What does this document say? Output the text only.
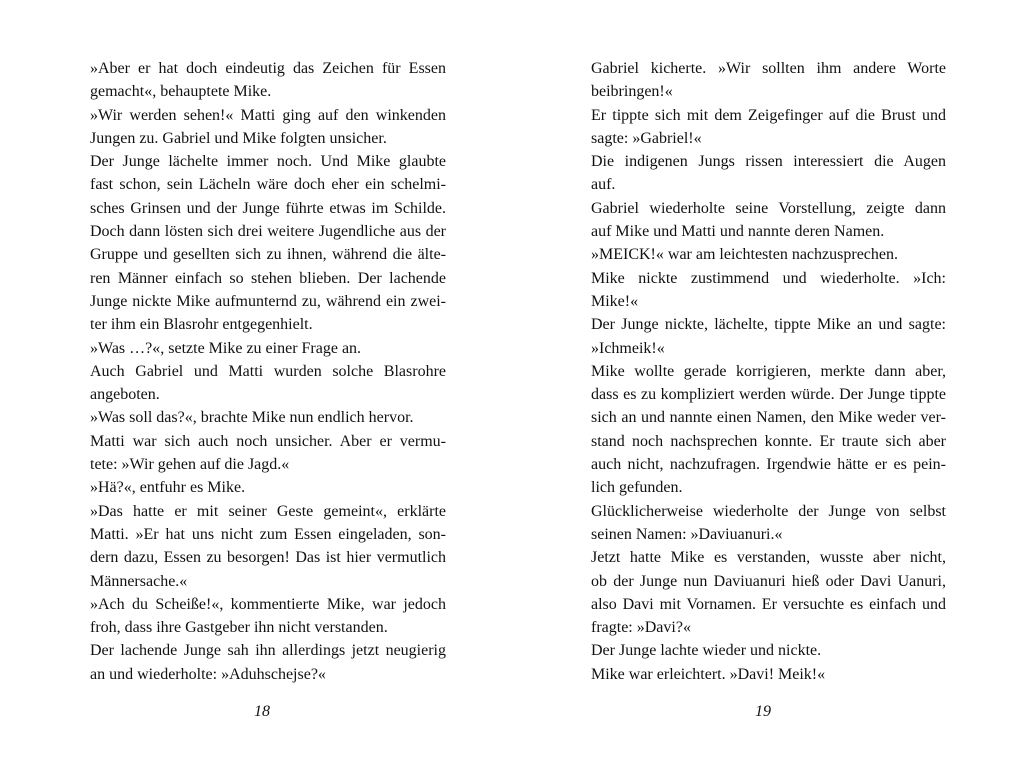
»Aber er hat doch eindeutig das Zeichen für Essen
gemacht«, behauptete Mike.
»Wir werden sehen!« Matti ging auf den winkenden
Jungen zu. Gabriel und Mike folgten unsicher.
Der Junge lächelte immer noch. Und Mike glaubte
fast schon, sein Lächeln wäre doch eher ein schelmi-
sches Grinsen und der Junge führte etwas im Schilde.
Doch dann lösten sich drei weitere Jugendliche aus der
Gruppe und gesellten sich zu ihnen, während die älte-
ren Männer einfach so stehen blieben. Der lachende
Junge nickte Mike aufmunternd zu, während ein zwei-
ter ihm ein Blasrohr entgegenhielt.
»Was …?«, setzte Mike zu einer Frage an.
Auch Gabriel und Matti wurden solche Blasrohre
angeboten.
»Was soll das?«, brachte Mike nun endlich hervor.
Matti war sich auch noch unsicher. Aber er vermu-
tete: »Wir gehen auf die Jagd.«
»Hä?«, entfuhr es Mike.
»Das hatte er mit seiner Geste gemeint«, erklärte
Matti. »Er hat uns nicht zum Essen eingeladen, son-
dern dazu, Essen zu besorgen! Das ist hier vermutlich
Männersache.«
»Ach du Scheiße!«, kommentierte Mike, war jedoch
froh, dass ihre Gastgeber ihn nicht verstanden.
Der lachende Junge sah ihn allerdings jetzt neugierig
an und wiederholte: »Aduhschejse?«
18
Gabriel kicherte. »Wir sollten ihm andere Worte
beibringen!«
Er tippte sich mit dem Zeigefinger auf die Brust und
sagte: »Gabriel!«
Die indigenen Jungs rissen interessiert die Augen
auf.
Gabriel wiederholte seine Vorstellung, zeigte dann
auf Mike und Matti und nannte deren Namen.
»MEICK!« war am leichtesten nachzusprechen.
Mike nickte zustimmend und wiederholte. »Ich:
Mike!«
Der Junge nickte, lächelte, tippte Mike an und sagte:
»Ichmeik!«
Mike wollte gerade korrigieren, merkte dann aber,
dass es zu kompliziert werden würde. Der Junge tippte
sich an und nannte einen Namen, den Mike weder ver-
stand noch nachsprechen konnte. Er traute sich aber
auch nicht, nachzufragen. Irgendwie hätte er es pein-
lich gefunden.
Glücklicherweise wiederholte der Junge von selbst
seinen Namen: »Daviuanuri.«
Jetzt hatte Mike es verstanden, wusste aber nicht,
ob der Junge nun Daviuanuri hieß oder Davi Uanuri,
also Davi mit Vornamen. Er versuchte es einfach und
fragte: »Davi?«
Der Junge lachte wieder und nickte.
Mike war erleichtert. »Davi! Meik!«
19
